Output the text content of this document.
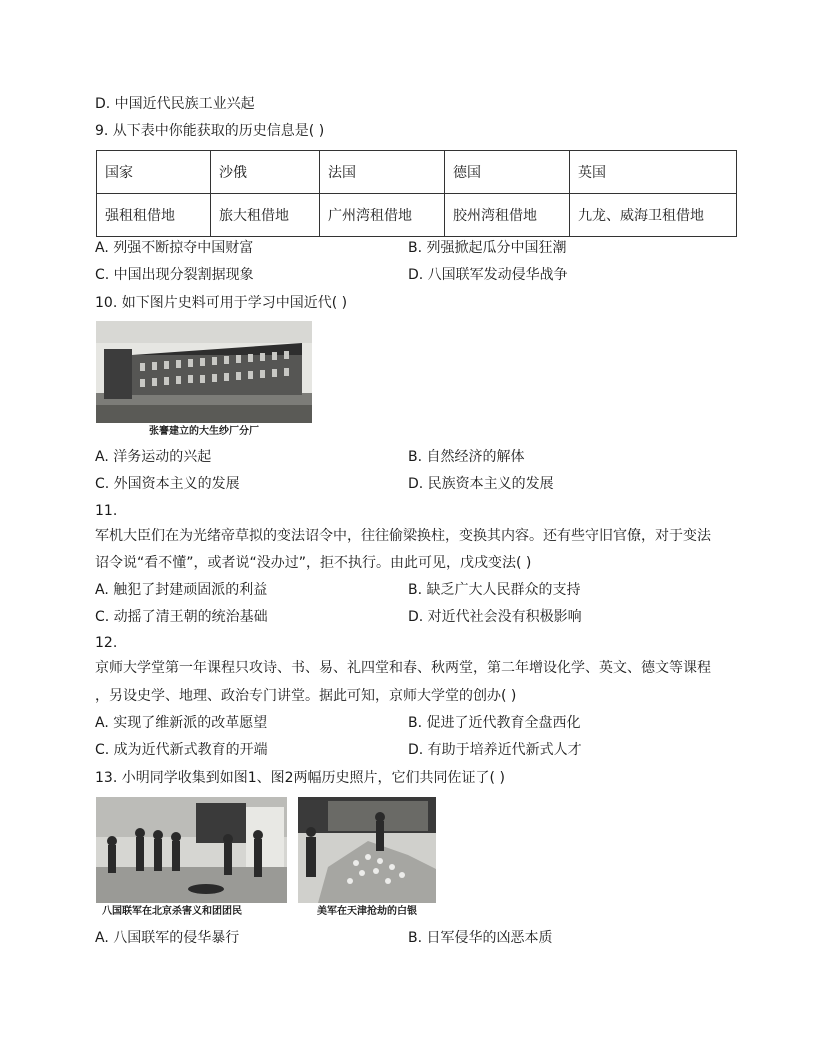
D. 中国近代民族工业兴起
9. 从下表中你能获取的历史信息是( )
国家	沙俄	法国	德国	英国
强租租借地	旅大租借地	广州湾租借地	胶州湾租借地	九龙、威海卫租借地
A. 列强不断掠夺中国财富	B. 列强掀起瓜分中国狂潮
C. 中国出现分裂割据现象	D. 八国联军发动侵华战争
10. 如下图片史料可用于学习中国近代( )
张謇建立的大生纱厂分厂
A. 洋务运动的兴起	B. 自然经济的解体
C. 外国资本主义的发展	D. 民族资本主义的发展
11.
军机大臣们在为光绪帝草拟的变法诏令中，往往偷梁换柱，变换其内容。还有些守旧官僚，对于变法
诏令说“看不懂”，或者说“没办过”，拒不执行。由此可见，戊戌变法( )
A. 触犯了封建顽固派的利益	B. 缺乏广大人民群众的支持
C. 动摇了清王朝的统治基础	D. 对近代社会没有积极影响
12.
京师大学堂第一年课程只攻诗、书、易、礼四堂和春、秋两堂，第二年增设化学、英文、德文等课程
，另设史学、地理、政治专门讲堂。据此可知，京师大学堂的创办( )
A. 实现了维新派的改革愿望	B. 促进了近代教育全盘西化
C. 成为近代新式教育的开端	D. 有助于培养近代新式人才
13. 小明同学收集到如图1、图2两幅历史照片，它们共同佐证了( )
八国联军在北京杀害义和团团民	美军在天津抢劫的白银
A. 八国联军的侵华暴行	B. 日军侵华的凶恶本质
